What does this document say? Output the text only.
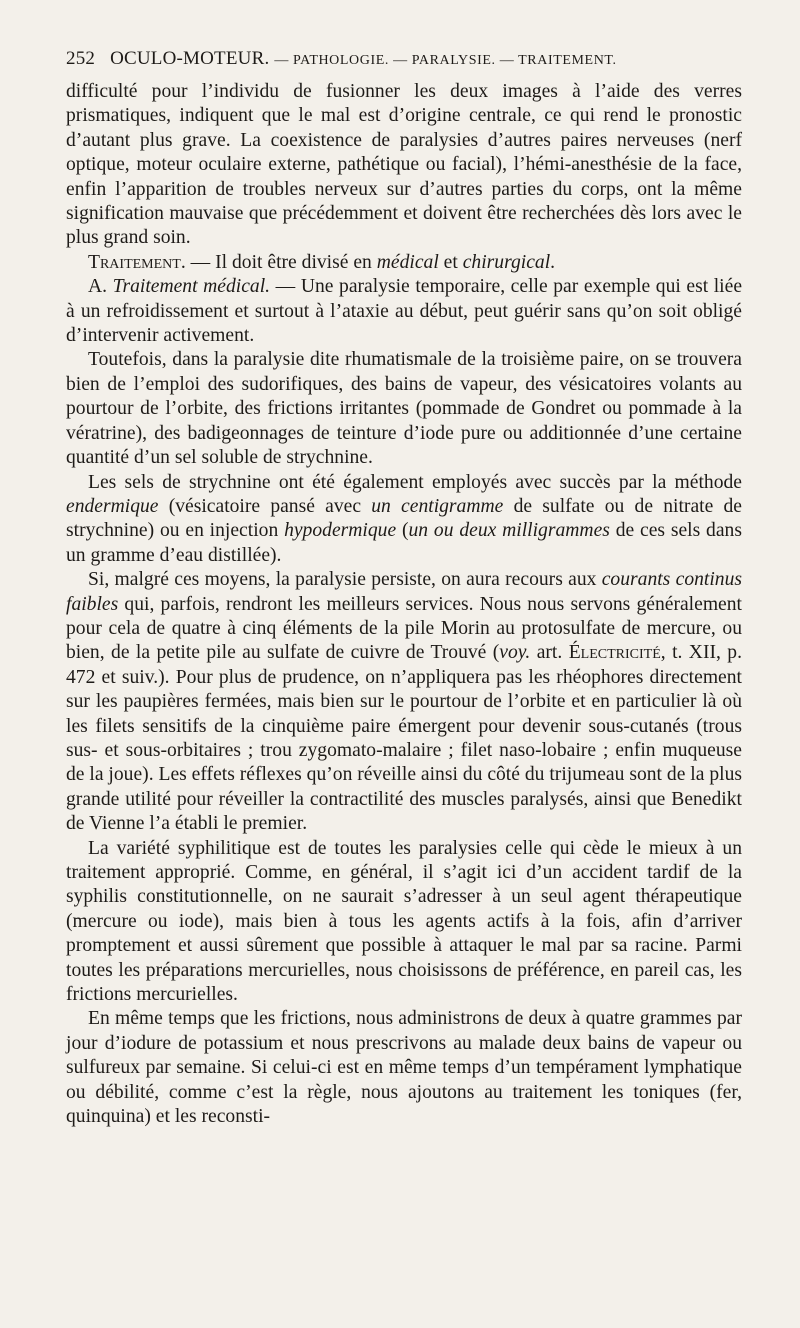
252 OCULO-MOTEUR. — PATHOLOGIE. — PARALYSIE. — TRAITEMENT.

difficulté pour l’individu de fusionner les deux images à l’aide des verres prismatiques, indiquent que le mal est d’origine centrale, ce qui rend le pronostic d’autant plus grave. La coexistence de paralysies d’autres paires nerveuses (nerf optique, moteur oculaire externe, pathétique ou facial), l’hémi-anesthésie de la face, enfin l’apparition de troubles nerveux sur d’autres parties du corps, ont la même signification mauvaise que précédemment et doivent être recherchées dès lors avec le plus grand soin.

Traitement. — Il doit être divisé en médical et chirurgical.

A. Traitement médical. — Une paralysie temporaire, celle par exemple qui est liée à un refroidissement et surtout à l’ataxie au début, peut guérir sans qu’on soit obligé d’intervenir activement.

Toutefois, dans la paralysie dite rhumatismale de la troisième paire, on se trouvera bien de l’emploi des sudorifiques, des bains de vapeur, des vésicatoires volants au pourtour de l’orbite, des frictions irritantes (pommade de Gondret ou pommade à la vératrine), des badigeonnages de teinture d’iode pure ou additionnée d’une certaine quantité d’un sel soluble de strychnine.

Les sels de strychnine ont été également employés avec succès par la méthode endermique (vésicatoire pansé avec un centigramme de sulfate ou de nitrate de strychnine) ou en injection hypodermique (un ou deux milligrammes de ces sels dans un gramme d’eau distillée).

Si, malgré ces moyens, la paralysie persiste, on aura recours aux courants continus faibles qui, parfois, rendront les meilleurs services. Nous nous servons généralement pour cela de quatre à cinq éléments de la pile Morin au protosulfate de mercure, ou bien, de la petite pile au sulfate de cuivre de Trouvé (voy. art. Électricité, t. XII, p. 472 et suiv.). Pour plus de prudence, on n’appliquera pas les rhéophores directement sur les paupières fermées, mais bien sur le pourtour de l’orbite et en particulier là où les filets sensitifs de la cinquième paire émergent pour devenir sous-cutanés (trous sus- et sous-orbitaires ; trou zygomato-malaire ; filet naso-lobaire ; enfin muqueuse de la joue). Les effets réflexes qu’on réveille ainsi du côté du trijumeau sont de la plus grande utilité pour réveiller la contractilité des muscles paralysés, ainsi que Benedikt de Vienne l’a établi le premier.

La variété syphilitique est de toutes les paralysies celle qui cède le mieux à un traitement approprié. Comme, en général, il s’agit ici d’un accident tardif de la syphilis constitutionnelle, on ne saurait s’adresser à un seul agent thérapeutique (mercure ou iode), mais bien à tous les agents actifs à la fois, afin d’arriver promptement et aussi sûrement que possible à attaquer le mal par sa racine. Parmi toutes les préparations mercurielles, nous choisissons de préférence, en pareil cas, les frictions mercurielles.

En même temps que les frictions, nous administrons de deux à quatre grammes par jour d’iodure de potassium et nous prescrivons au malade deux bains de vapeur ou sulfureux par semaine. Si celui-ci est en même temps d’un tempérament lymphatique ou débilité, comme c’est la règle, nous ajoutons au traitement les toniques (fer, quinquina) et les reconsti-
